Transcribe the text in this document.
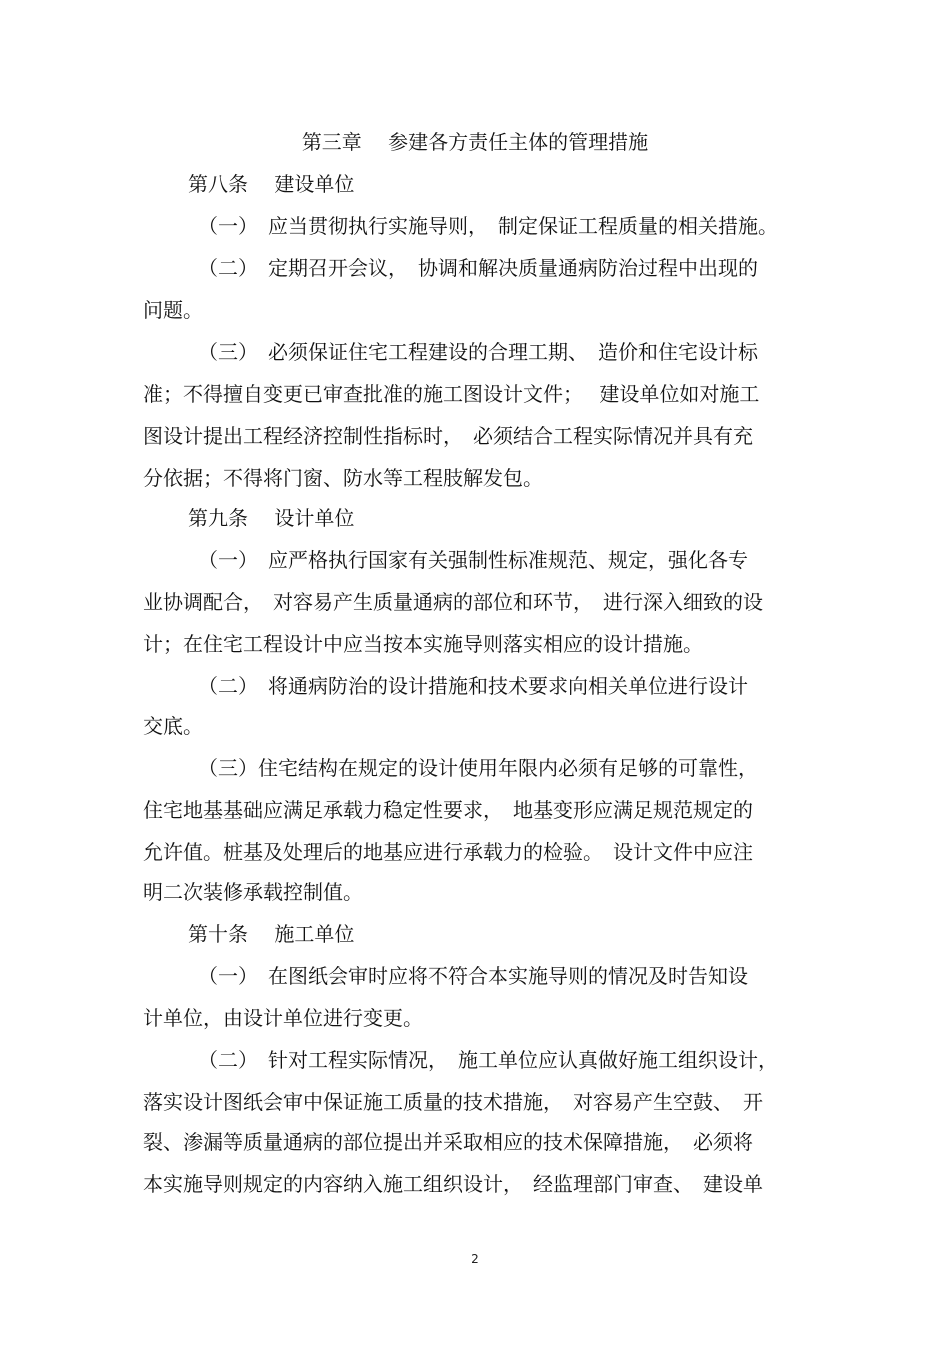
第三章　 参建各方责任主体的管理措施
第八条　 建设单位
（一）　应当贯彻执行实施导则，　制定保证工程质量的相关措施。
（二）　定期召开会议，　协调和解决质量通病防治过程中出现的
问题。
（三）　必须保证住宅工程建设的合理工期、　造价和住宅设计标
准；不得擅自变更已审查批准的施工图设计文件；　 建设单位如对施工
图设计提出工程经济控制性指标时，　必须结合工程实际情况并具有充
分依据；不得将门窗、防水等工程肢解发包。
第九条　 设计单位
（一）　应严格执行国家有关强制性标准规范、规定，强化各专
业协调配合，　对容易产生质量通病的部位和环节，　进行深入细致的设
计；在住宅工程设计中应当按本实施导则落实相应的设计措施。
（二）　将通病防治的设计措施和技术要求向相关单位进行设计
交底。
（三）住宅结构在规定的设计使用年限内必须有足够的可靠性，
住宅地基基础应满足承载力稳定性要求，　地基变形应满足规范规定的
允许值。桩基及处理后的地基应进行承载力的检验。　设计文件中应注
明二次装修承载控制值。
第十条　 施工单位
（一）　在图纸会审时应将不符合本实施导则的情况及时告知设
计单位，由设计单位进行变更。
（二）　针对工程实际情况，　施工单位应认真做好施工组织设计，
落实设计图纸会审中保证施工质量的技术措施，　对容易产生空鼓、　开
裂、渗漏等质量通病的部位提出并采取相应的技术保障措施，　必须将
本实施导则规定的内容纳入施工组织设计，　经监理部门审查、　建设单
2
